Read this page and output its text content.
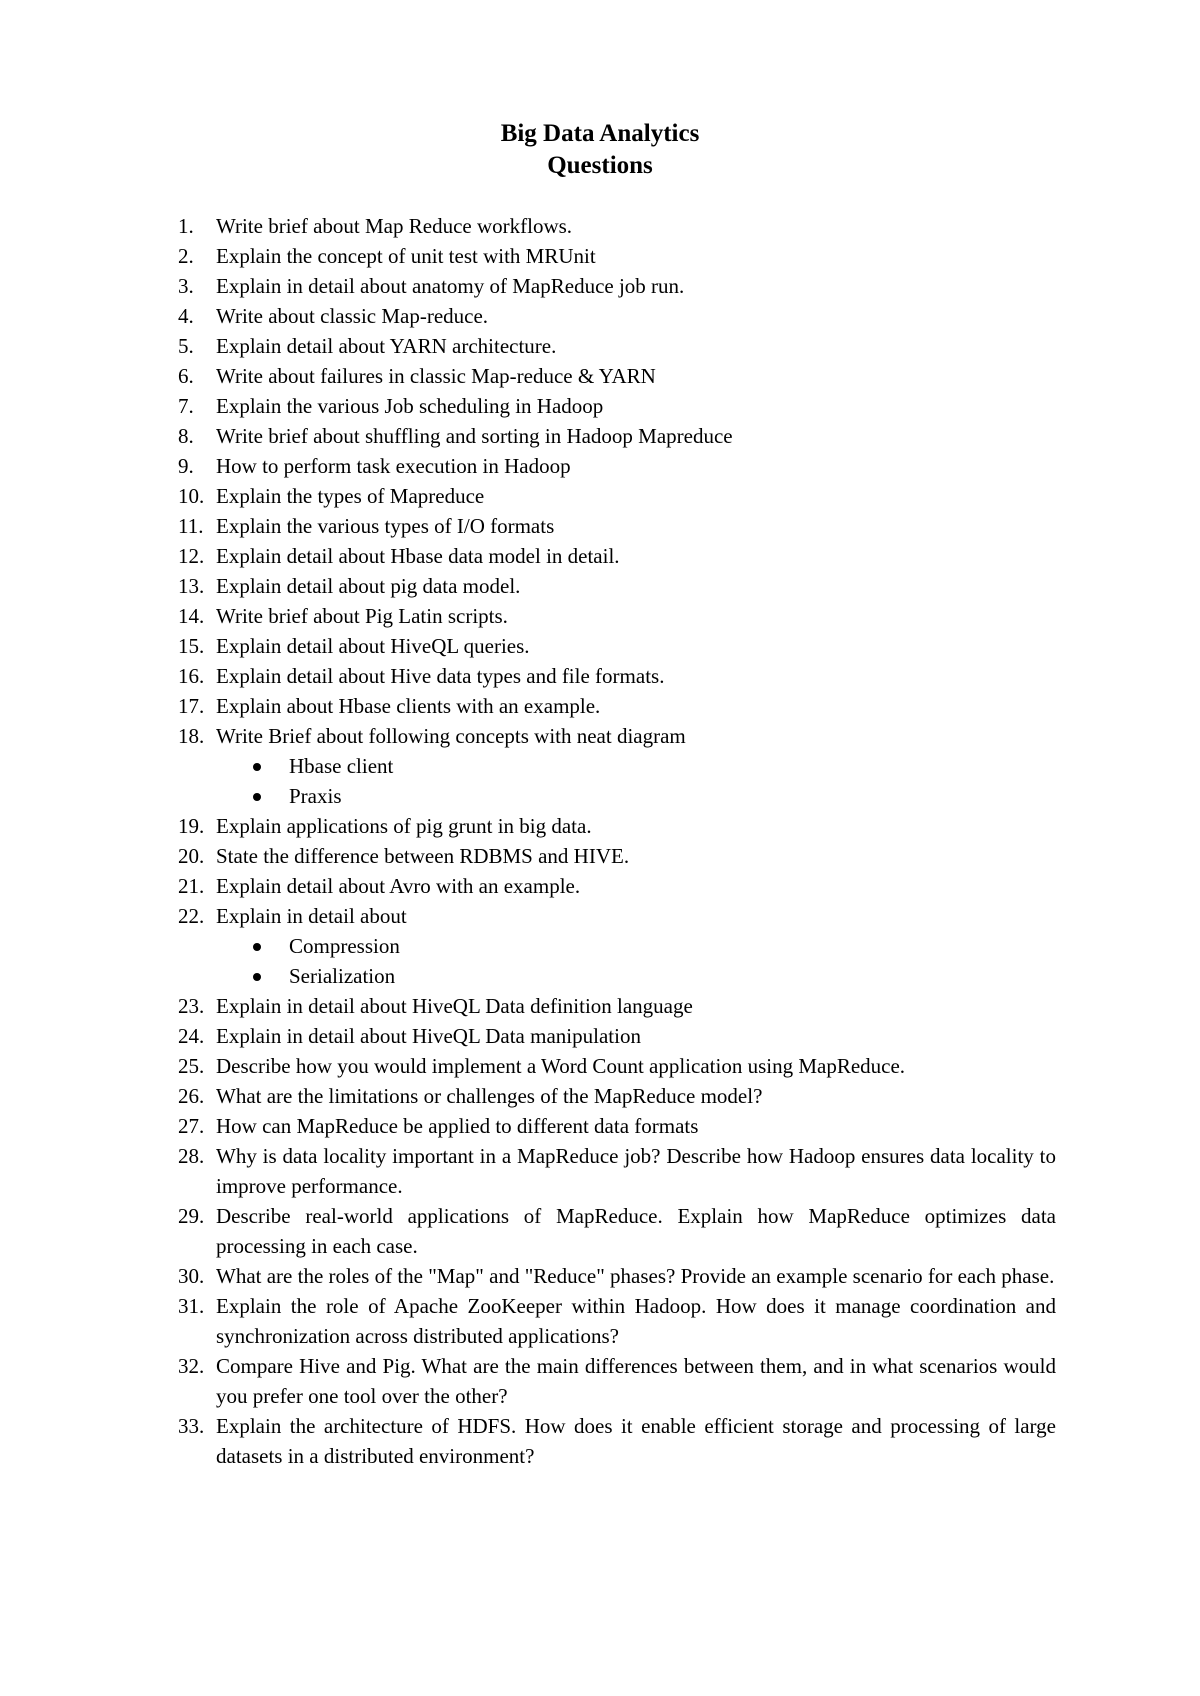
Big Data Analytics
Questions
1. Write brief about Map Reduce workflows.
2. Explain the concept of unit test with MRUnit
3. Explain in detail about anatomy of MapReduce job run.
4. Write about classic Map-reduce.
5. Explain detail about YARN architecture.
6. Write about failures in classic Map-reduce & YARN
7. Explain the various Job scheduling in Hadoop
8. Write brief about shuffling and sorting in Hadoop Mapreduce
9. How to perform task execution in Hadoop
10. Explain the types of Mapreduce
11. Explain the various types of I/O formats
12. Explain detail about Hbase data model in detail.
13. Explain detail about pig data model.
14. Write brief about Pig Latin scripts.
15. Explain detail about HiveQL queries.
16. Explain detail about Hive data types and file formats.
17. Explain about Hbase clients with an example.
18. Write Brief about following concepts with neat diagram
Hbase client
Praxis
19. Explain applications of pig grunt in big data.
20. State the difference between RDBMS and HIVE.
21. Explain detail about Avro with an example.
22. Explain in detail about
Compression
Serialization
23. Explain in detail about HiveQL Data definition language
24. Explain in detail about HiveQL Data manipulation
25. Describe how you would implement a Word Count application using MapReduce.
26. What are the limitations or challenges of the MapReduce model?
27. How can MapReduce be applied to different data formats
28. Why is data locality important in a MapReduce job? Describe how Hadoop ensures data locality to improve performance.
29. Describe real-world applications of MapReduce. Explain how MapReduce optimizes data processing in each case.
30. What are the roles of the "Map" and "Reduce" phases? Provide an example scenario for each phase.
31. Explain the role of Apache ZooKeeper within Hadoop. How does it manage coordination and synchronization across distributed applications?
32. Compare Hive and Pig. What are the main differences between them, and in what scenarios would you prefer one tool over the other?
33. Explain the architecture of HDFS. How does it enable efficient storage and processing of large datasets in a distributed environment?
